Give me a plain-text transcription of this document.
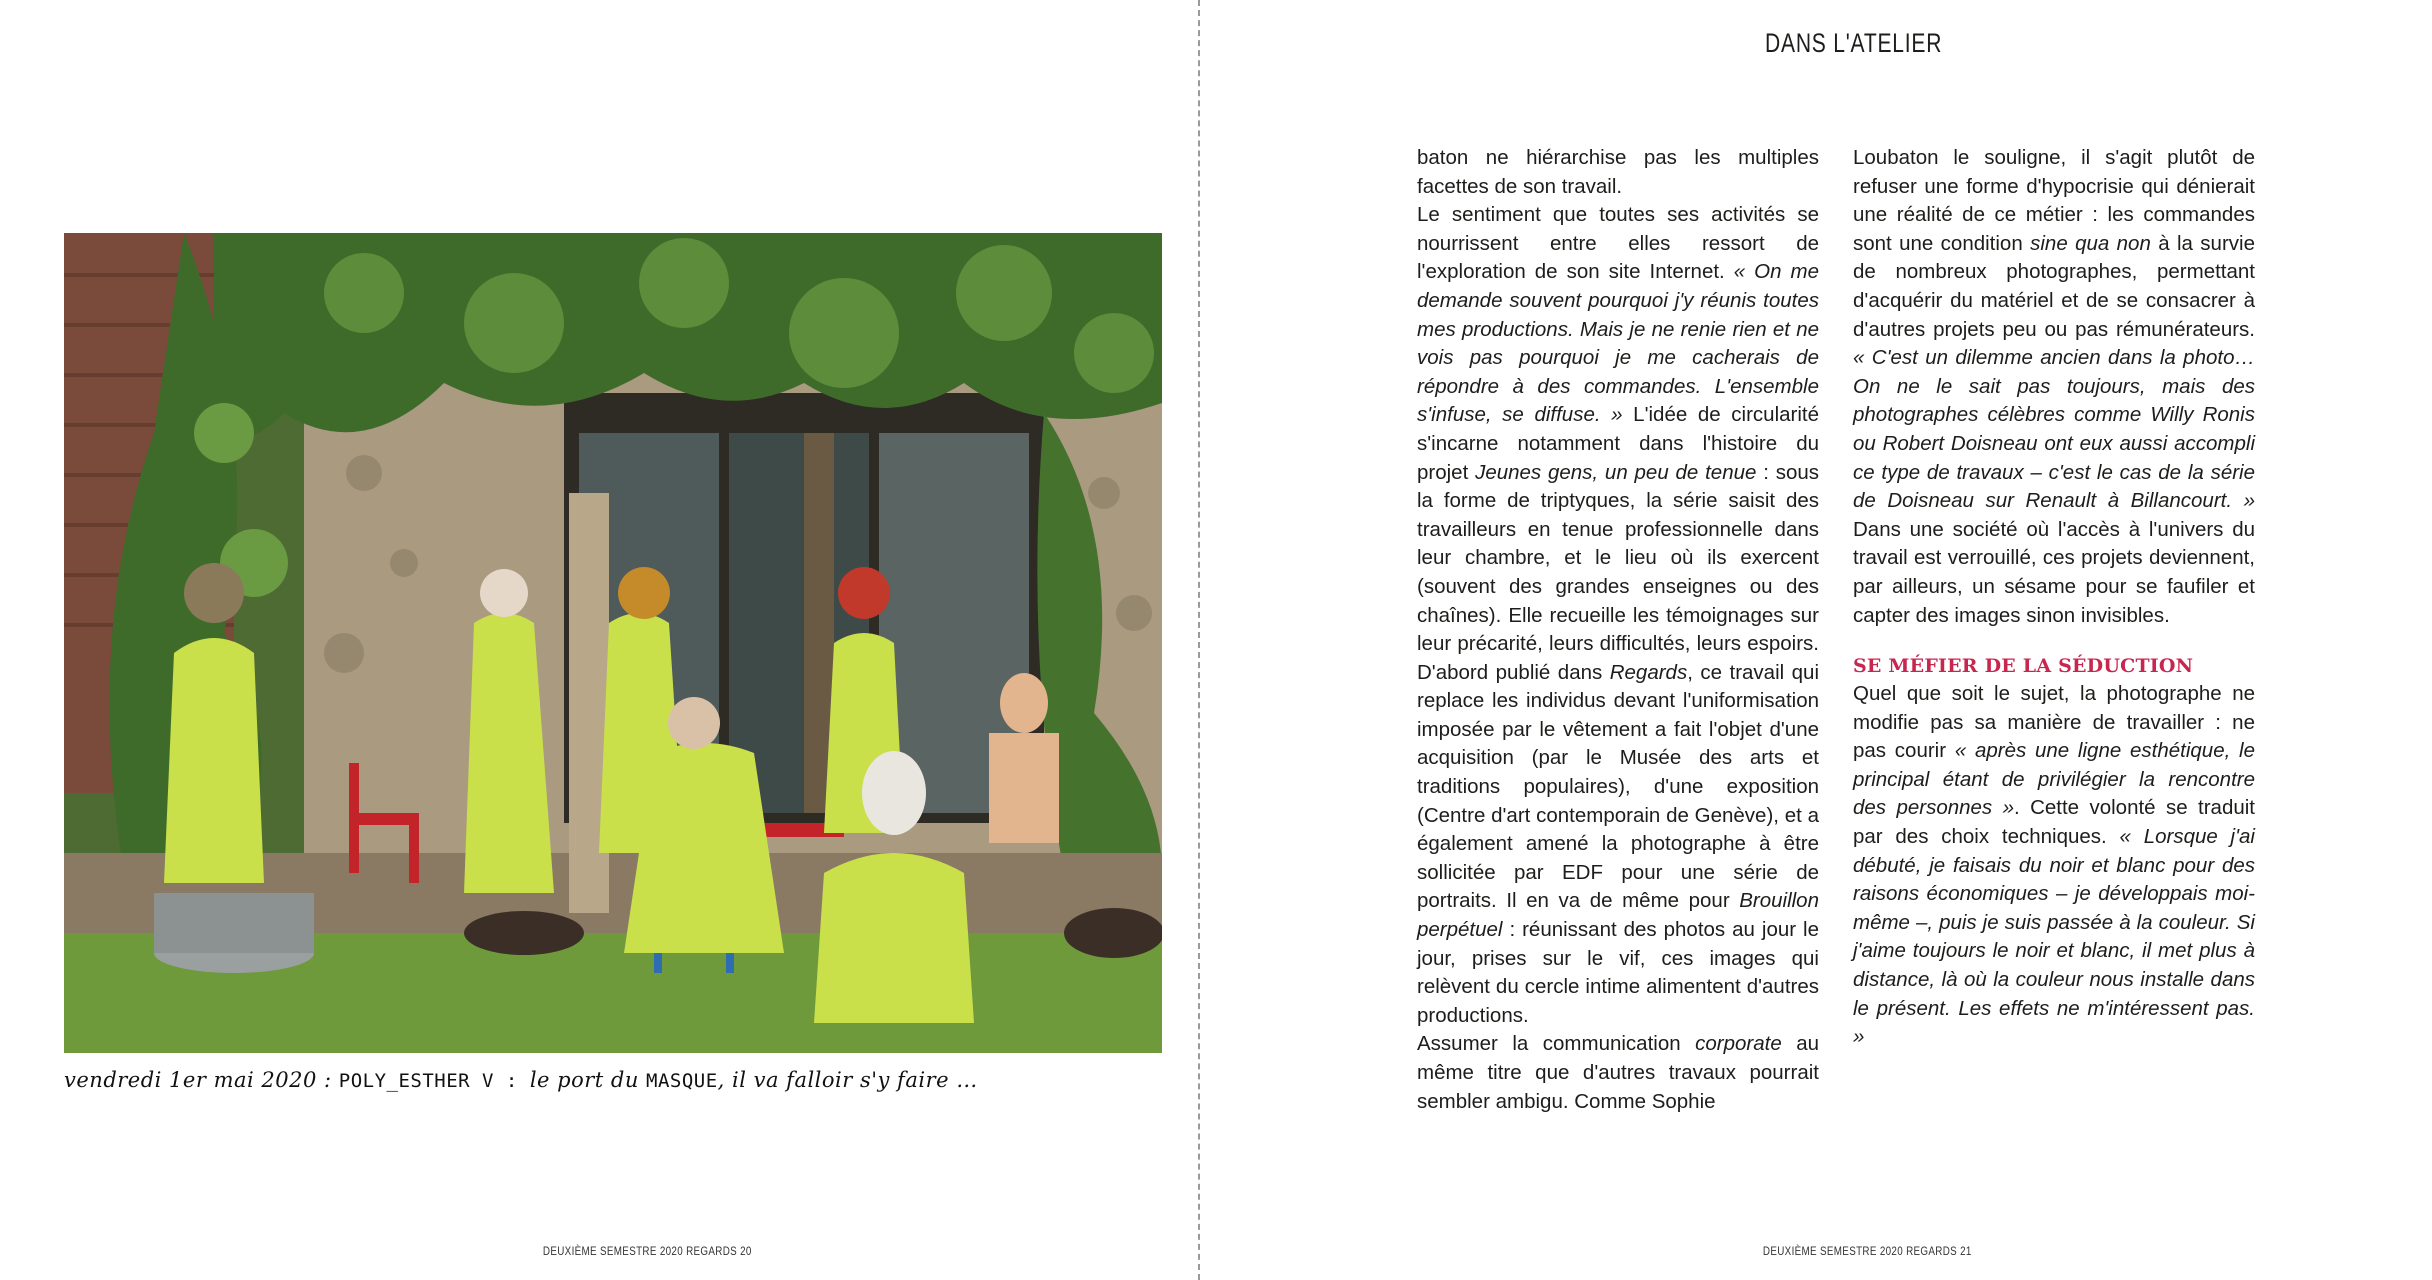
vendredi 1er mai 2020 : POLY_ESTHER V : le port du MASQUE, il va falloir s'y faire …
DEUXIÈME SEMESTRE 2020 REGARDS 20
DANS L'ATELIER

baton ne hiérarchise pas les multiples facettes de son travail.

Le sentiment que toutes ses activités se nourrissent entre elles ressort de l'exploration de son site Internet. « On me demande souvent pourquoi j'y réunis toutes mes productions. Mais je ne renie rien et ne vois pas pourquoi je me cacherais de répondre à des commandes. L'ensemble s'infuse, se diffuse. » L'idée de circularité s'incarne notamment dans l'histoire du projet Jeunes gens, un peu de tenue : sous la forme de triptyques, la série saisit des travailleurs en tenue professionnelle dans leur chambre, et le lieu où ils exercent (souvent des grandes enseignes ou des chaînes). Elle recueille les témoignages sur leur précarité, leurs difficultés, leurs espoirs. D'abord publié dans Regards, ce travail qui replace les individus devant l'uniformisation imposée par le vêtement a fait l'objet d'une acquisition (par le Musée des arts et traditions populaires), d'une exposition (Centre d'art contemporain de Genève), et a également amené la photographe à être sollicitée par EDF pour une série de portraits. Il en va de même pour Brouillon perpétuel : réunissant des photos au jour le jour, prises sur le vif, ces images qui relèvent du cercle intime alimentent d'autres productions.

Assumer la communication corporate au même titre que d'autres travaux pourrait sembler ambigu. Comme Sophie

Loubaton le souligne, il s'agit plutôt de refuser une forme d'hypocrisie qui dénierait une réalité de ce métier : les commandes sont une condition sine qua non à la survie de nombreux photographes, permettant d'acquérir du matériel et de se consacrer à d'autres projets peu ou pas rémunérateurs. « C'est un dilemme ancien dans la photo… On ne le sait pas toujours, mais des photographes célèbres comme Willy Ronis ou Robert Doisneau ont eux aussi accompli ce type de travaux – c'est le cas de la série de Doisneau sur Renault à Billancourt. » Dans une société où l'accès à l'univers du travail est verrouillé, ces projets deviennent, par ailleurs, un sésame pour se faufiler et capter des images sinon invisibles.

SE MÉFIER DE LA SÉDUCTION

Quel que soit le sujet, la photographe ne modifie pas sa manière de travailler : ne pas courir « après une ligne esthétique, le principal étant de privilégier la rencontre des personnes ». Cette volonté se traduit par des choix techniques. « Lorsque j'ai débuté, je faisais du noir et blanc pour des raisons économiques – je développais moi-même –, puis je suis passée à la couleur. Si j'aime toujours le noir et blanc, il met plus à distance, là où la couleur nous installe dans le présent. Les effets ne m'intéressent pas. »

DEUXIÈME SEMESTRE 2020 REGARDS 21
